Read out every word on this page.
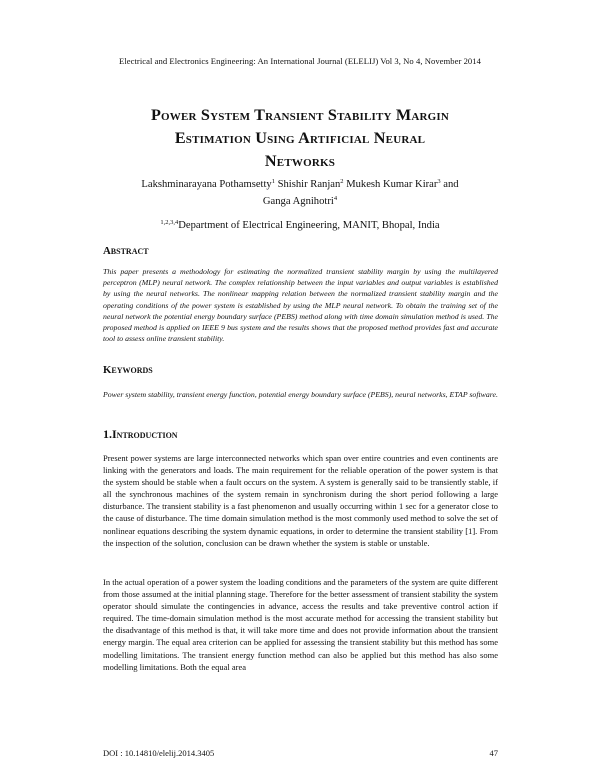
Electrical and Electronics Engineering: An International Journal (ELELIJ) Vol 3, No 4, November 2014
Power System Transient Stability Margin
Estimation Using Artificial Neural
Networks
Lakshminarayana Pothamsetty$^1$ Shishir Ranjan$^2$ Mukesh Kumar Kirar$^3$ and
Ganga Agnihotri$^4$
$^{1,2,3,4}$Department of Electrical Engineering, MANIT, Bhopal, India
Abstract
This paper presents a methodology for estimating the normalized transient stability margin by using the multilayered perceptron (MLP) neural network. The complex relationship between the input variables and output variables is established by using the neural networks. The nonlinear mapping relation between the normalized transient stability margin and the operating conditions of the power system is established by using the MLP neural network. To obtain the training set of the neural network the potential energy boundary surface (PEBS) method along with time domain simulation method is used. The proposed method is applied on IEEE 9 bus system and the results shows that the proposed method provides fast and accurate tool to assess online transient stability.
Keywords
Power system stability, transient energy function, potential energy boundary surface (PEBS), neural networks, ETAP software.
1.Introduction
Present power systems are large interconnected networks which span over entire countries and even continents are linking with the generators and loads. The main requirement for the reliable operation of the power system is that the system should be stable when a fault occurs on the system. A system is generally said to be transiently stable, if all the synchronous machines of the system remain in synchronism during the short period following a large disturbance. The transient stability is a fast phenomenon and usually occurring within 1 sec for a generator close to the cause of disturbance. The time domain simulation method is the most commonly used method to solve the set of nonlinear equations describing the system dynamic equations, in order to determine the transient stability [1]. From the inspection of the solution, conclusion can be drawn whether the system is stable or unstable.
In the actual operation of a power system the loading conditions and the parameters of the system are quite different from those assumed at the initial planning stage. Therefore for the better assessment of transient stability the system operator should simulate the contingencies in advance, access the results and take preventive control action if required. The time-domain simulation method is the most accurate method for accessing the transient stability but the disadvantage of this method is that, it will take more time and does not provide information about the transient energy margin. The equal area criterion can be applied for assessing the transient stability but this method has some modelling limitations. The transient energy function method can also be applied but this method has also some modelling limitations. Both the equal area
DOI : 10.14810/elelij.2014.3405	47
